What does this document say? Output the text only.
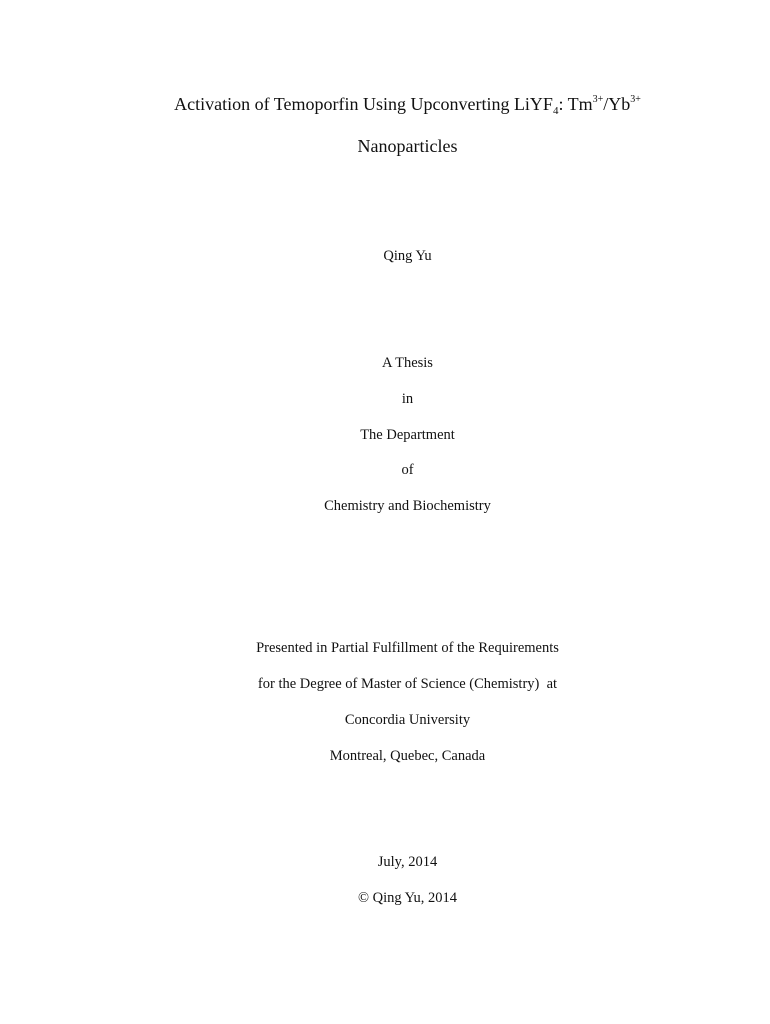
Activation of Temoporfin Using Upconverting LiYF$_4$: $Tm^{3+}/Yb^{3+}$
Nanoparticles
Qing Yu
A Thesis
in
The Department
of
Chemistry and Biochemistry
Presented in Partial Fulfillment of the Requirements
for the Degree of Master of Science (Chemistry)  at
Concordia University
Montreal, Quebec, Canada
July, 2014
© Qing Yu, 2014
